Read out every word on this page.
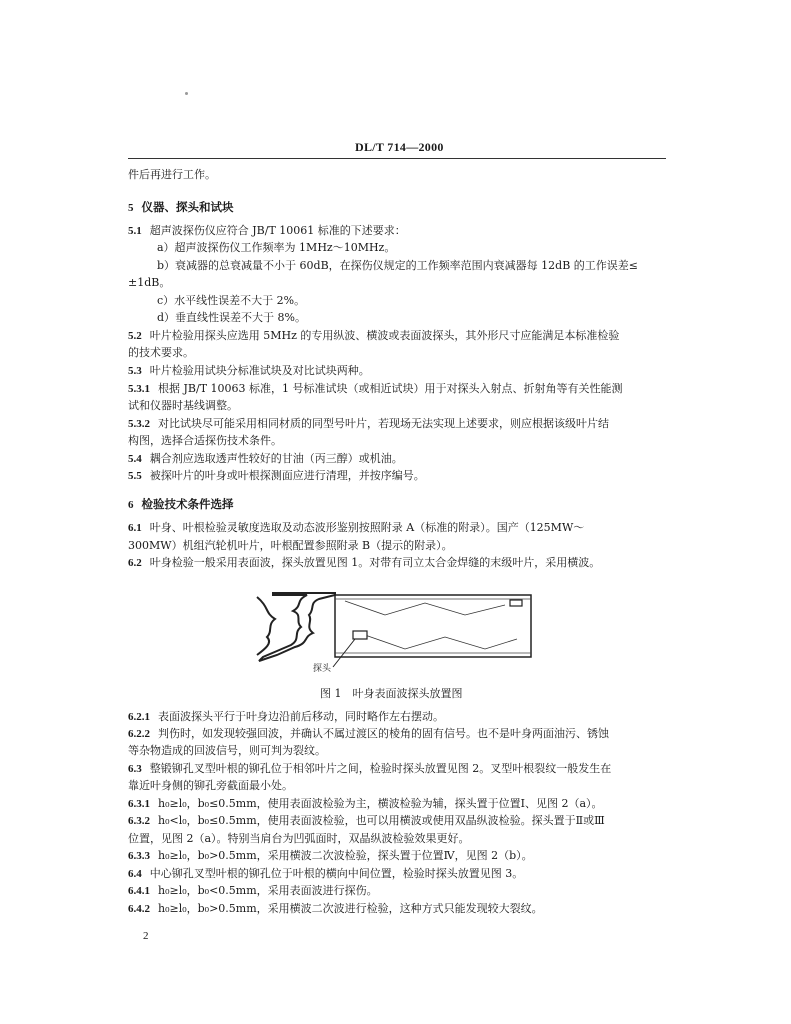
DL/T 714—2000
件后再进行工作。
5 仪器、探头和试块
5.1 超声波探伤仪应符合 JB/T 10061 标准的下述要求：
a）超声波探伤仪工作频率为 1MHz～10MHz。
b）衰减器的总衰减量不小于 60dB，在探伤仪规定的工作频率范围内衰减器每 12dB 的工作误差≤
±1dB。
c）水平线性误差不大于 2%。
d）垂直线性误差不大于 8%。
5.2 叶片检验用探头应选用 5MHz 的专用纵波、横波或表面波探头，其外形尺寸应能满足本标准检验
的技术要求。
5.3 叶片检验用试块分标准试块及对比试块两种。
5.3.1 根据 JB/T 10063 标准，1 号标准试块（或相近试块）用于对探头入射点、折射角等有关性能测
试和仪器时基线调整。
5.3.2 对比试块尽可能采用相同材质的同型号叶片，若现场无法实现上述要求，则应根据该级叶片结
构图，选择合适探伤技术条件。
5.4 耦合剂应选取透声性较好的甘油（丙三醇）或机油。
5.5 被探叶片的叶身或叶根探测面应进行清理，并按序编号。
6 检验技术条件选择
6.1 叶身、叶根检验灵敏度选取及动态波形鉴别按照附录 A（标准的附录）。国产（125MW～
300MW）机组汽轮机叶片，叶根配置参照附录 B（提示的附录）。
6.2 叶身检验一般采用表面波，探头放置见图 1。对带有司立太合金焊缝的末级叶片，采用横波。
探头
图 1　叶身表面波探头放置图
6.2.1 表面波探头平行于叶身边沿前后移动，同时略作左右摆动。
6.2.2 判伤时，如发现较强回波，并确认不属过渡区的棱角的固有信号。也不是叶身两面油污、锈蚀
等杂物造成的回波信号，则可判为裂纹。
6.3 整锻铆孔叉型叶根的铆孔位于相邻叶片之间，检验时探头放置见图 2。叉型叶根裂纹一般发生在
靠近叶身侧的铆孔旁截面最小处。
6.3.1 h₀≥l₀，b₀≤0.5mm，使用表面波检验为主，横波检验为辅，探头置于位置Ⅰ、见图 2（a）。
6.3.2 h₀<l₀，b₀≤0.5mm，使用表面波检验，也可以用横波或使用双晶纵波检验。探头置于Ⅱ或Ⅲ
位置，见图 2（a）。特别当肩台为凹弧面时，双晶纵波检验效果更好。
6.3.3 h₀≥l₀，b₀>0.5mm，采用横波二次波检验，探头置于位置Ⅳ，见图 2（b）。
6.4 中心铆孔叉型叶根的铆孔位于叶根的横向中间位置，检验时探头放置见图 3。
6.4.1 h₀≥l₀，b₀<0.5mm，采用表面波进行探伤。
6.4.2 h₀≥l₀，b₀>0.5mm，采用横波二次波进行检验，这种方式只能发现较大裂纹。
2
